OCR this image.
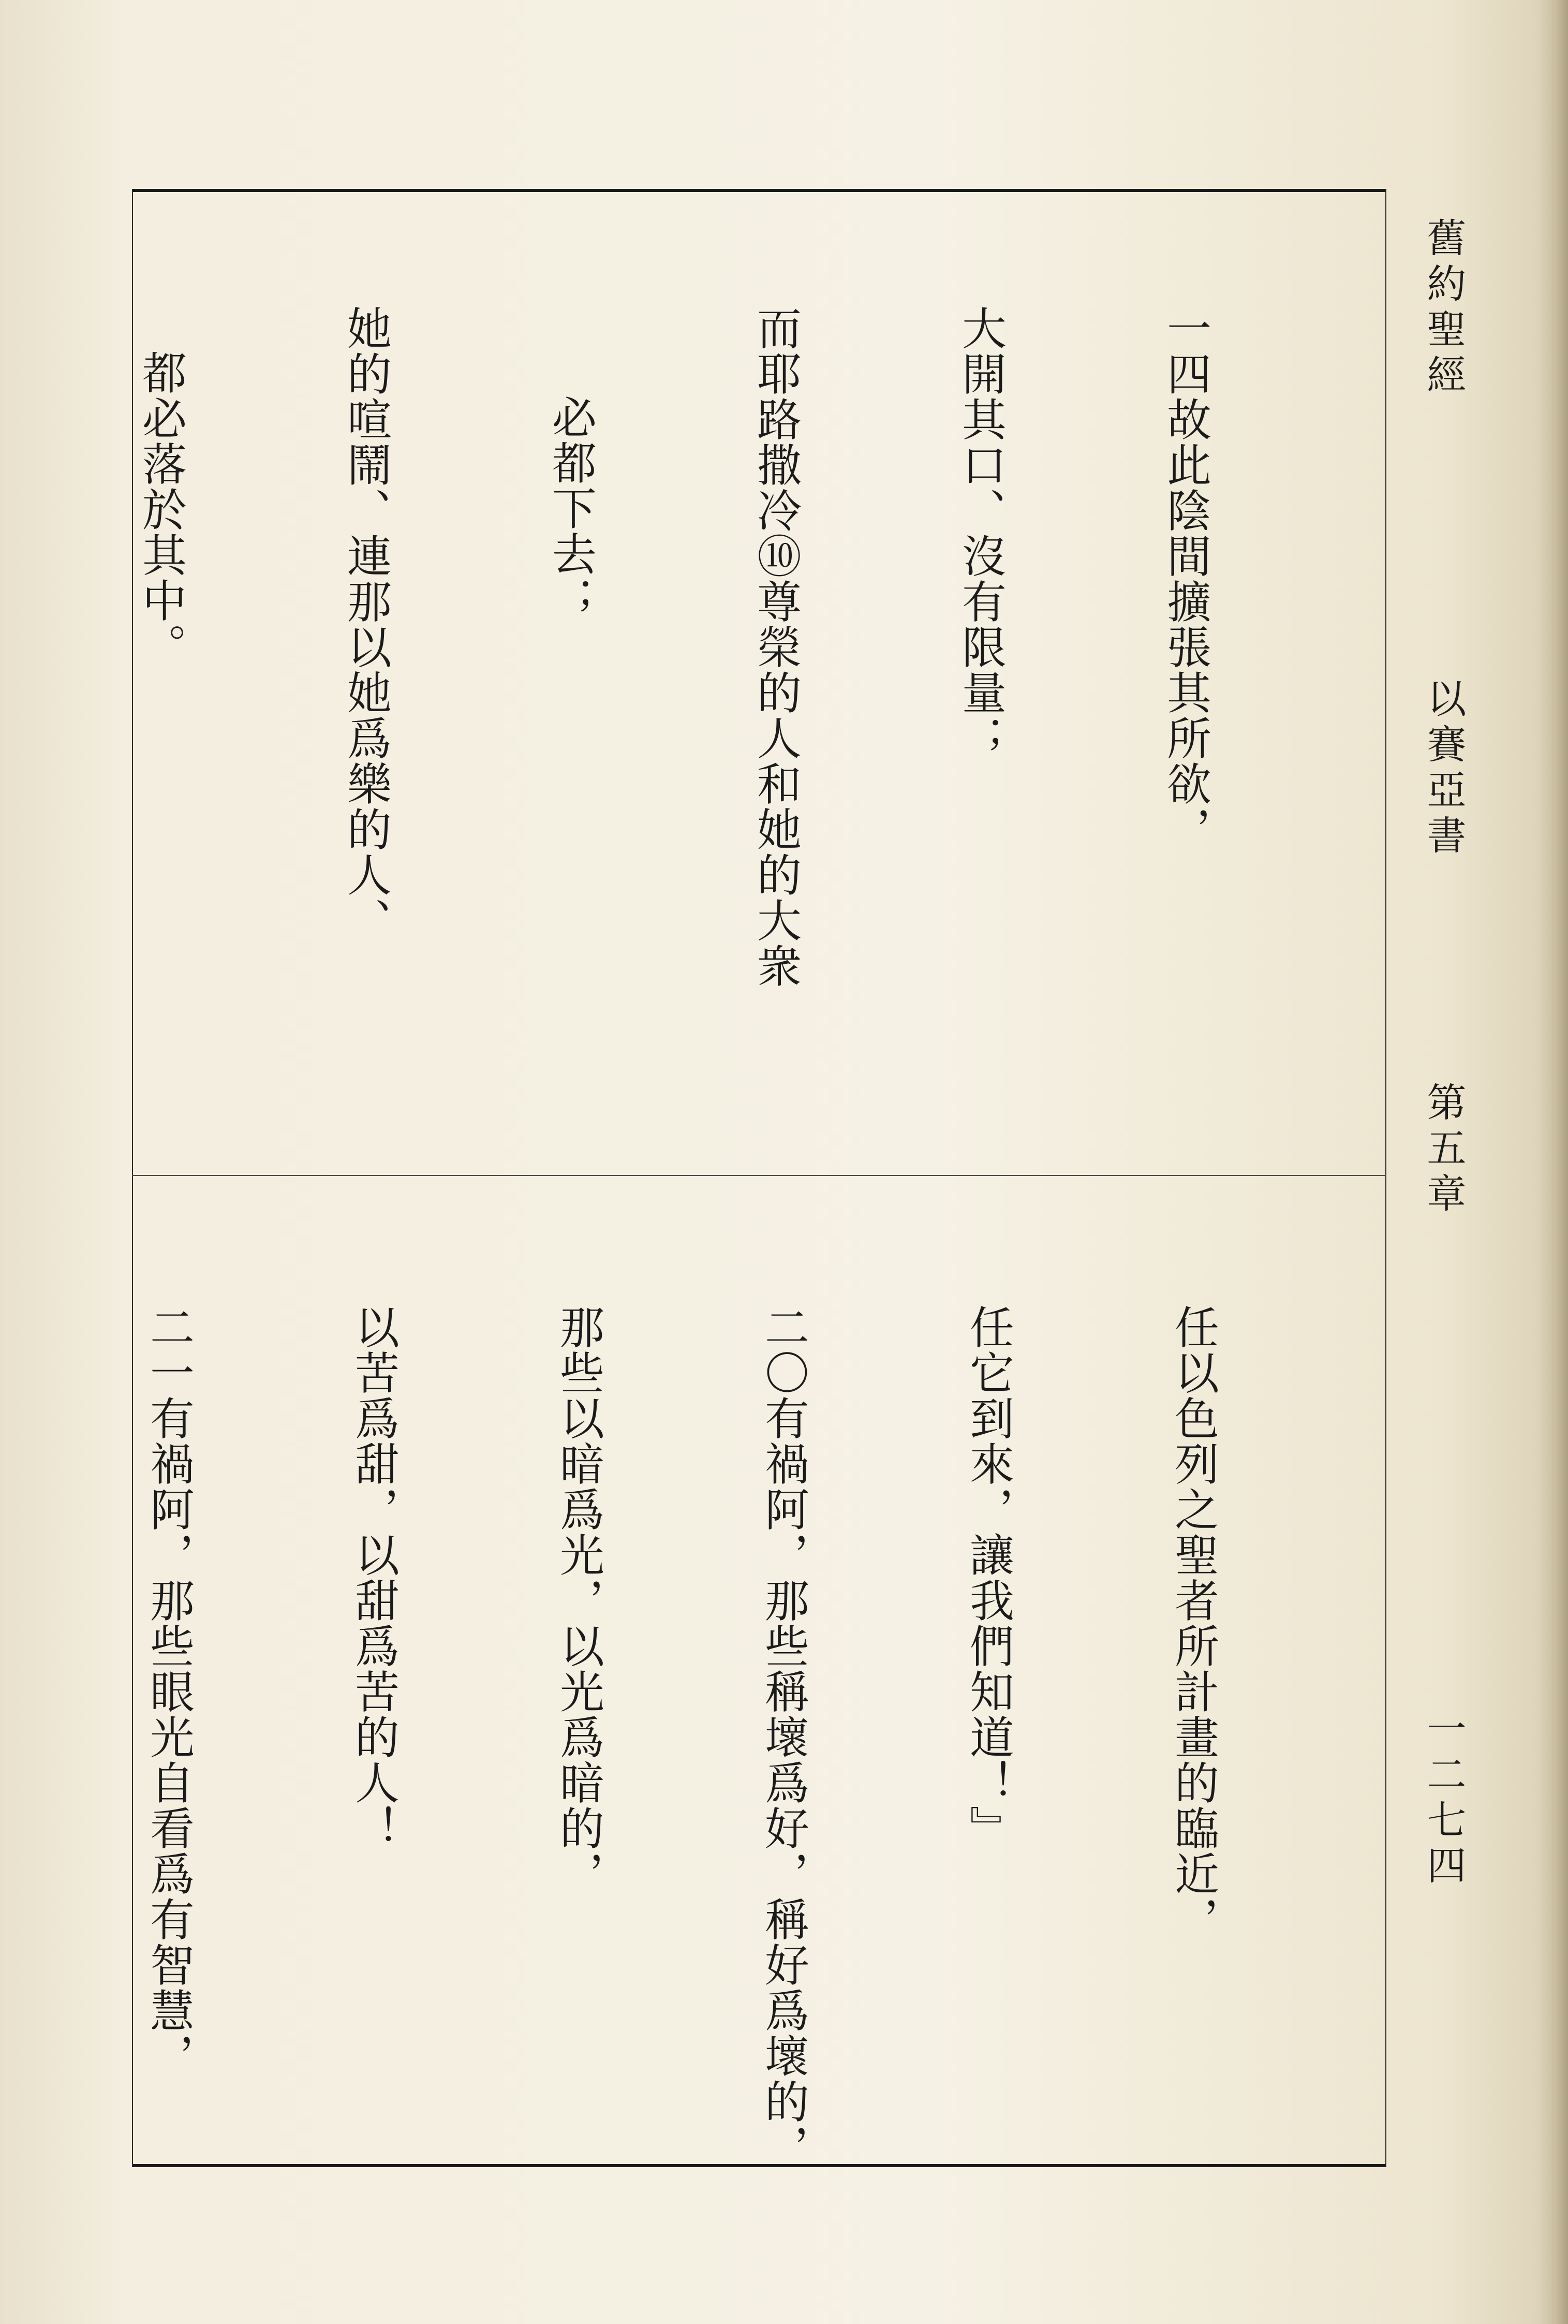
舊約聖經
以賽亞書
第五章
一二七四

一四故此陰間擴張其所欲，

大開其口、沒有限量；

而耶路撒冷⑩尊榮的人和她的大衆

必都下去；

她的喧鬧、連那以她爲樂的人、

都必落於其中。

任以色列之聖者所計畫的臨近，

任它到來，讓我們知道！』

二〇有禍阿，那些稱壞爲好，稱好爲壞的，

那些以暗爲光，以光爲暗的，

以苦爲甜，以甜爲苦的人！

二一有禍阿，那些眼光自看爲有智慧，
